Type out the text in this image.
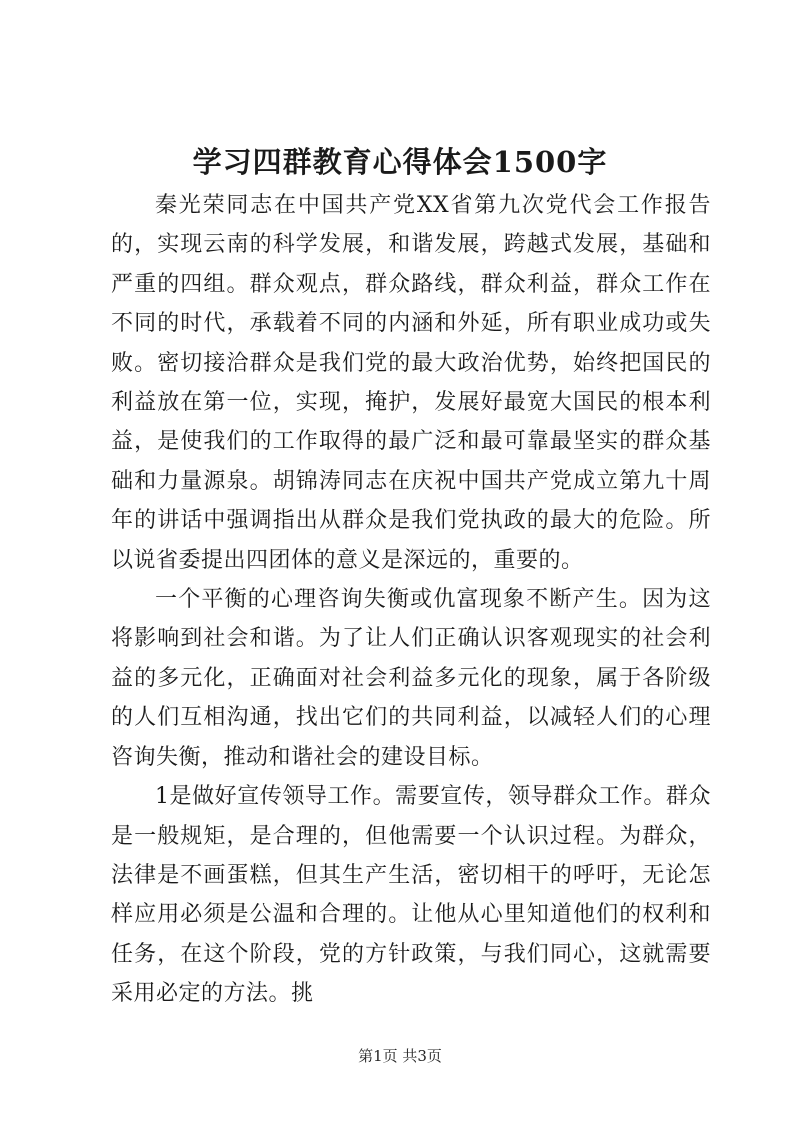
学习四群教育心得体会1500字

秦光荣同志在中国共产党XX省第九次党代会工作报告的，实现云南的科学发展，和谐发展，跨越式发展，基础和严重的四组。群众观点，群众路线，群众利益，群众工作在不同的时代，承载着不同的内涵和外延，所有职业成功或失败。密切接洽群众是我们党的最大政治优势，始终把国民的利益放在第一位，实现，掩护，发展好最宽大国民的根本利益，是使我们的工作取得的最广泛和最可靠最坚实的群众基础和力量源泉。胡锦涛同志在庆祝中国共产党成立第九十周年的讲话中强调指出从群众是我们党执政的最大的危险。所以说省委提出四团体的意义是深远的，重要的。

一个平衡的心理咨询失衡或仇富现象不断产生。因为这将影响到社会和谐。为了让人们正确认识客观现实的社会利益的多元化，正确面对社会利益多元化的现象，属于各阶级的人们互相沟通，找出它们的共同利益，以减轻人们的心理咨询失衡，推动和谐社会的建设目标。

1是做好宣传领导工作。需要宣传，领导群众工作。群众是一般规矩，是合理的，但他需要一个认识过程。为群众，法律是不画蛋糕，但其生产生活，密切相干的呼吁，无论怎样应用必须是公温和合理的。让他从心里知道他们的权利和任务，在这个阶段，党的方针政策，与我们同心，这就需要采用必定的方法。挑

第1页 共3页
